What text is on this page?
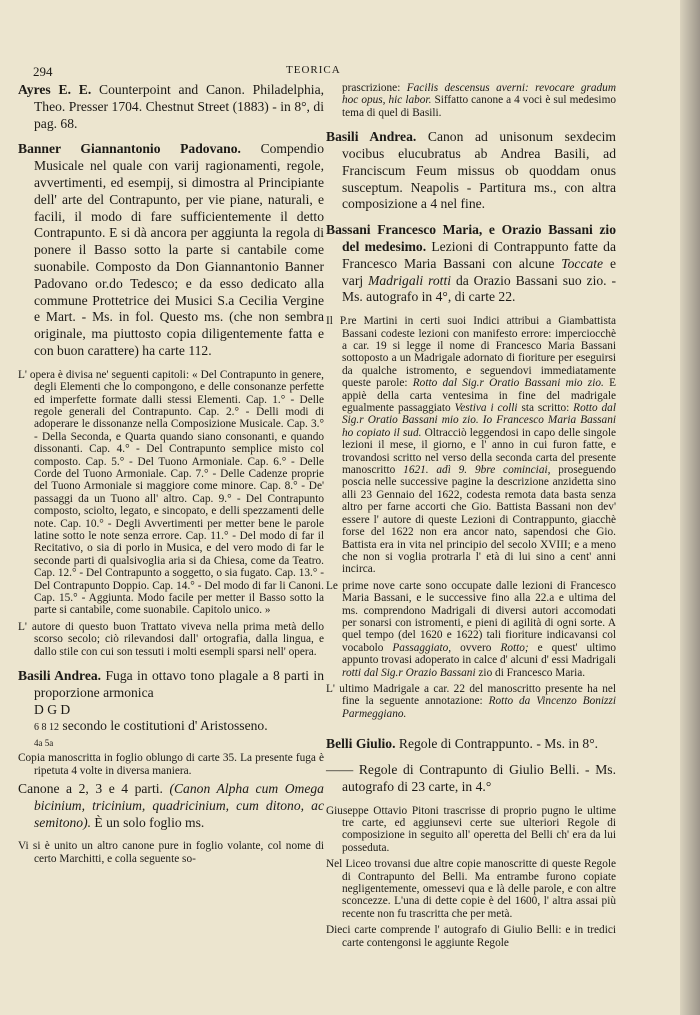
294	TEORICA

Ayres E. E. Counterpoint and Canon. Philadelphia, Theo. Presser 1704. Chestnut Street (1883) - in 8°, di pag. 68.

Banner Giannantonio Padovano. Compendio Musicale nel quale con varij ragionamenti, regole, avvertimenti, ed esempij, si dimostra al Principiante dell' arte del Contrapunto, per vie piane, naturali, e facili, il modo di fare sufficientemente il detto Contrapunto. E si dà ancora per aggiunta la regola di ponere il Basso sotto la parte si cantabile come suonabile. Composto da Don Giannantonio Banner Padovano or.do Tedesco; e da esso dedicato alla commune Prottetrice dei Musici S.a Cecilia Vergine e Mart. - Ms. in fol. Questo ms. (che non sembra originale, ma piuttosto copia diligentemente fatta e con buon carattere) ha carte 112.

L' opera è divisa ne' seguenti capitoli: « Del Contrapunto in genere, degli Elementi che lo compongono, e delle consonanze perfette ed imperfette formate dalli stessi Elementi. Cap. 1.° - Delle regole generali del Contrapunto. Cap. 2.° - Delli modi di adoperare le dissonanze nella Composizione Musicale. Cap. 3.° - Della Seconda, e Quarta quando siano consonanti, e quando dissonanti. Cap. 4.° - Del Contrapunto semplice misto col composto. Cap. 5.° - Del Tuono Armoniale. Cap. 6.° - Delle Corde del Tuono Armoniale. Cap. 7.° - Delle Cadenze proprie del Tuono Armoniale si maggiore come minore. Cap. 8.° - De' passaggi da un Tuono all' altro. Cap. 9.° - Del Contrapunto composto, sciolto, legato, e sincopato, e delli spezzamenti delle note. Cap. 10.° - Degli Avvertimenti per metter bene le parole latine sotto le note senza errore. Cap. 11.° - Del modo di far il Recitativo, o sia di porlo in Musica, e del vero modo di far le seconde parti di qualsivoglia aria si da Chiesa, come da Teatro. Cap. 12.° - Del Contrapunto a soggetto, o sia fugato. Cap. 13.° - Del Contrapunto Doppio. Cap. 14.° - Del modo di far li Canoni. Cap. 15.° - Aggiunta. Modo facile per metter il Basso sotto la parte si cantabile, come suonabile. Capitolo unico. »

L' autore di questo buon Trattato viveva nella prima metà dello scorso secolo; ciò rilevandosi dall' ortografia, dalla lingua, e dallo stile con cui son tessuti i molti esempli sparsi nell' opera.

Basili Andrea. Fuga in ottavo tono plagale a 8 parti in proporzione armonica

D G D
6 8 12 secondo le costitutioni d' Aristosseno.
4a 5a

Copia manoscritta in foglio oblungo di carte 35. La presente fuga è ripetuta 4 volte in diversa maniera.

Canone a 2, 3 e 4 parti. (Canon Alpha cum Omega bicinium, tricinium, quadricinium, cum ditono, ac semitono). È un solo foglio ms.

Vi si è unito un altro canone pure in foglio volante, col nome di certo Marchitti, e colla seguente so-

prascrizione: Facilis descensus averni: revocare gradum hoc opus, hic labor. Siffatto canone a 4 voci è sul medesimo tema di quel di Basili.

Basili Andrea. Canon ad unisonum sexdecim vocibus elucubratus ab Andrea Basili, ad Franciscum Feum missus ob quoddam onus susceptum. Neapolis - Partitura ms., con altra composizione a 4 nel fine.

Bassani Francesco Maria, e Orazio Bassani zio del medesimo. Lezioni di Contrappunto fatte da Francesco Maria Bassani con alcune Toccate e varj Madrigali rotti da Orazio Bassani suo zio. - Ms. autografo in 4°, di carte 22.

Il P.re Martini in certi suoi Indici attribui a Giambattista Bassani codeste lezioni con manifesto errore: imperciocchè a car. 19 si legge il nome di Francesco Maria Bassani sottoposto a un Madrigale adornato di fioriture per eseguirsi da qualche istromento, e seguendovi immediatamente queste parole: Rotto dal Sig.r Oratio Bassani mio zio. E appiè della carta ventesima in fine del madrigale egualmente passaggiato Vestiva i colli sta scritto: Rotto dal Sig.r Oratio Bassani mio zio. Io Francesco Maria Bassani ho copiato il sud. Oltracciò leggendosi in capo delle singole lezioni il mese, il giorno, e l' anno in cui furon fatte, e trovandosi scritto nel verso della seconda carta del presente manoscritto 1621. adì 9. 9bre cominciai, proseguendo poscia nelle successive pagine la descrizione anzidetta sino alli 23 Gennaio del 1622, codesta remota data basta senza altro per farne accorti che Gio. Battista Bassani non dev' essere l' autore di queste Lezioni di Contrappunto, giacchè forse del 1622 non era ancor nato, sapendosi che Gio. Battista era in vita nel principio del secolo XVIII; e a meno che non si voglia protrarla l' età di lui sino a cent' anni incirca.

Le prime nove carte sono occupate dalle lezioni di Francesco Maria Bassani, e le successive fino alla 22.a e ultima del ms. comprendono Madrigali di diversi autori accomodati per sonarsi con istromenti, e pieni di agilità di ogni sorte. A quel tempo (del 1620 e 1622) tali fioriture indicavansi col vocabolo Passaggiato, ovvero Rotto; e quest' ultimo appunto trovasi adoperato in calce d' alcuni d' essi Madrigali rotti dal Sig.r Orazio Bassani zio di Francesco Maria.

L' ultimo Madrigale a car. 22 del manoscritto presente ha nel fine la seguente annotazione: Rotto da Vincenzo Bonizzi Parmeggiano.

Belli Giulio. Regole di Contrappunto. - Ms. in 8°.

—— Regole di Contrapunto di Giulio Belli. - Ms. autografo di 23 carte, in 4.°

Giuseppe Ottavio Pitoni trascrisse di proprio pugno le ultime tre carte, ed aggiunsevi certe sue ulteriori Regole di composizione in seguito all' operetta del Belli ch' era da lui posseduta.

Nel Liceo trovansi due altre copie manoscritte di queste Regole di Contrapunto del Belli. Ma entrambe furono copiate negligentemente, omessevi qua e là delle parole, e con altre sconcezze. L'una di dette copie è del 1600, l' altra assai più recente non fu trascritta che per metà.

Dieci carte comprende l' autografo di Giulio Belli: e in tredici carte contengonsi le aggiunte Regole
